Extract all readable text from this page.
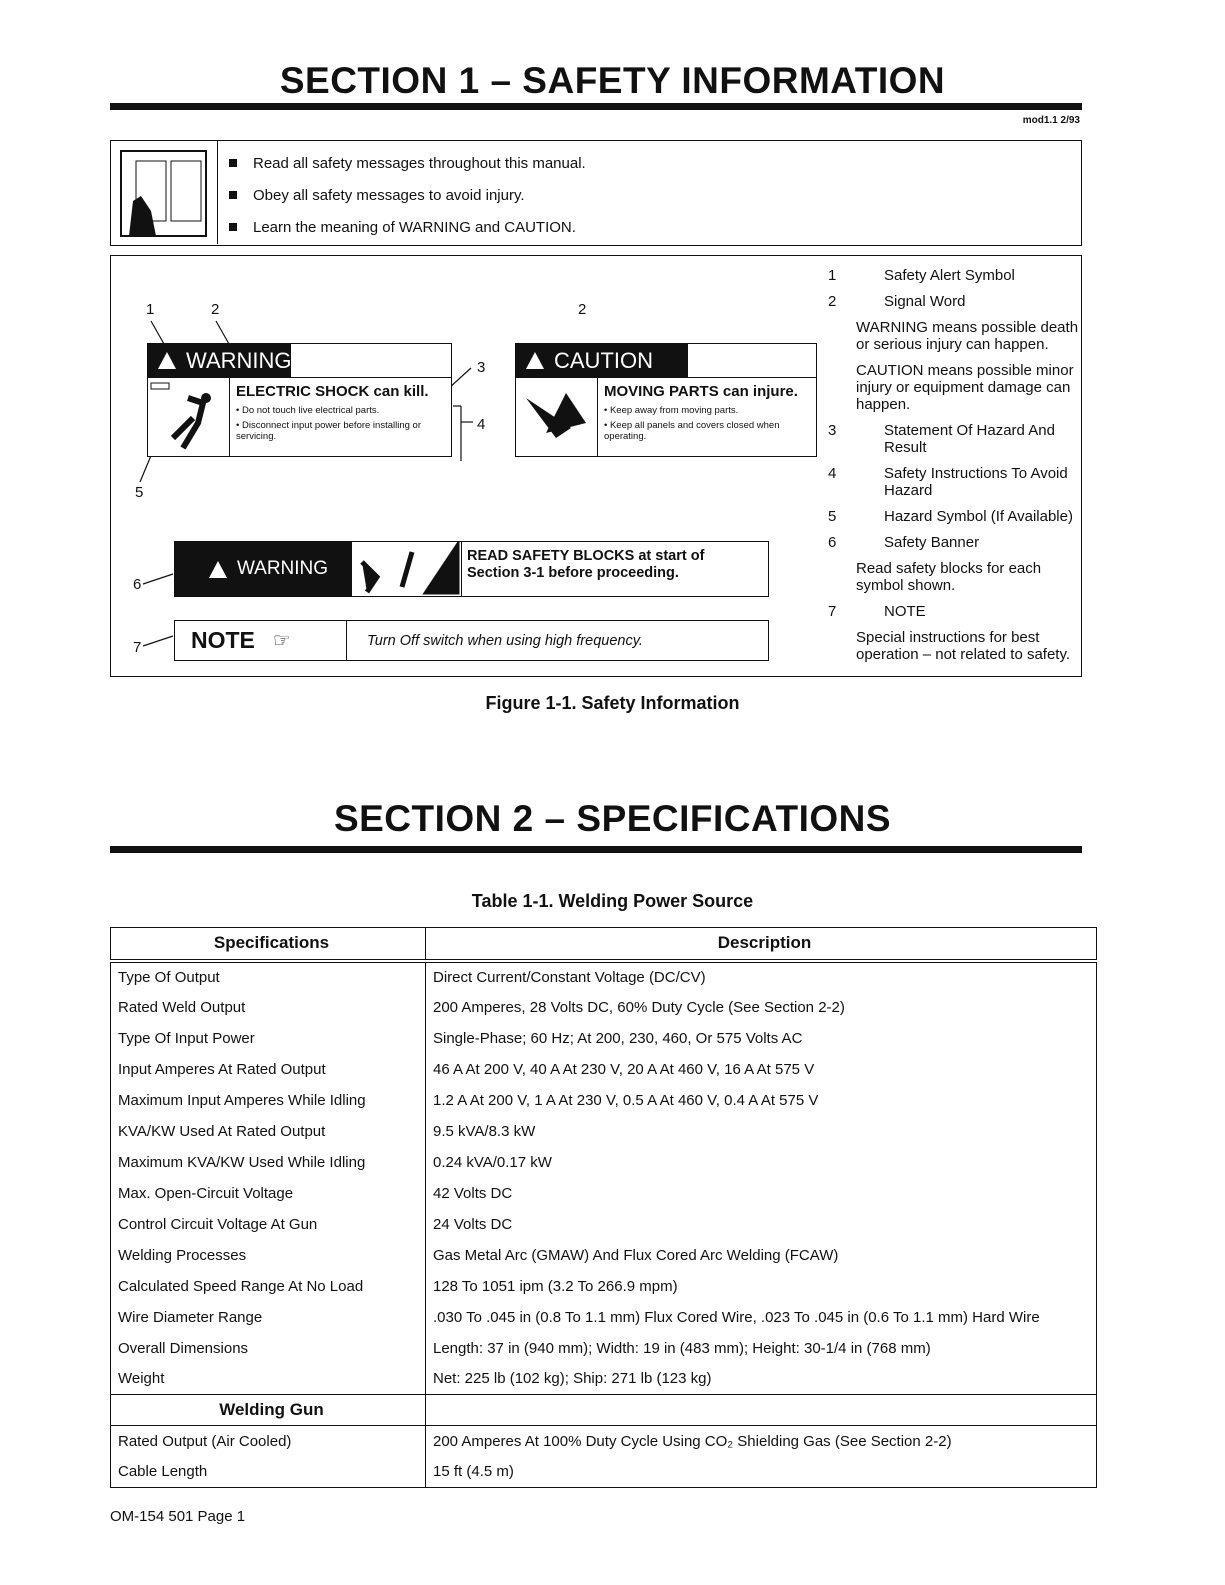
SECTION 1 – SAFETY INFORMATION
mod1.1 2/93
Read all safety messages throughout this manual.
Obey all safety messages to avoid injury.
Learn the meaning of WARNING and CAUTION.
1	2	2
3
4
5
6
7
WARNING
ELECTRIC SHOCK can kill.
• Do not touch live electrical parts.
• Disconnect input power before installing or servicing.
CAUTION
MOVING PARTS can injure.
• Keep away from moving parts.
• Keep all panels and covers closed when operating.
WARNING
READ SAFETY BLOCKS at start of
Section 3-1 before proceeding.
NOTE ☞	Turn Off switch when using high frequency.

1	Safety Alert Symbol

2	Signal Word

WARNING means possible death or serious injury can happen.

CAUTION means possible minor injury or equipment damage can happen.

3	Statement Of Hazard And Result

4	Safety Instructions To Avoid Hazard

5	Hazard Symbol (If Available)

6	Safety Banner

Read safety blocks for each symbol shown.

7	NOTE

Special instructions for best operation – not related to safety.

Figure 1-1. Safety Information
SECTION 2 – SPECIFICATIONS
Table 1-1. Welding Power Source
Specifications	Description
Type Of Output	Direct Current/Constant Voltage (DC/CV)
Rated Weld Output	200 Amperes, 28 Volts DC, 60% Duty Cycle (See Section 2-2)
Type Of Input Power	Single-Phase; 60 Hz; At 200, 230, 460, Or 575 Volts AC
Input Amperes At Rated Output	46 A At 200 V, 40 A At 230 V, 20 A At 460 V, 16 A At 575 V
Maximum Input Amperes While Idling	1.2 A At 200 V, 1 A At 230 V, 0.5 A At 460 V, 0.4 A At 575 V
KVA/KW Used At Rated Output	9.5 kVA/8.3 kW
Maximum KVA/KW Used While Idling	0.24 kVA/0.17 kW
Max. Open-Circuit Voltage	42 Volts DC
Control Circuit Voltage At Gun	24 Volts DC
Welding Processes	Gas Metal Arc (GMAW) And Flux Cored Arc Welding (FCAW)
Calculated Speed Range At No Load	128 To 1051 ipm (3.2 To 266.9 mpm)
Wire Diameter Range	.030 To .045 in (0.8 To 1.1 mm) Flux Cored Wire, .023 To .045 in (0.6 To 1.1 mm) Hard Wire
Overall Dimensions	Length: 37 in (940 mm); Width: 19 in (483 mm); Height: 30-1/4 in (768 mm)
Weight	Net: 225 lb (102 kg); Ship: 271 lb (123 kg)
Welding Gun	
Rated Output (Air Cooled)	200 Amperes At 100% Duty Cycle Using CO₂ Shielding Gas (See Section 2-2)
Cable Length	15 ft (4.5 m)
OM-154 501 Page 1
